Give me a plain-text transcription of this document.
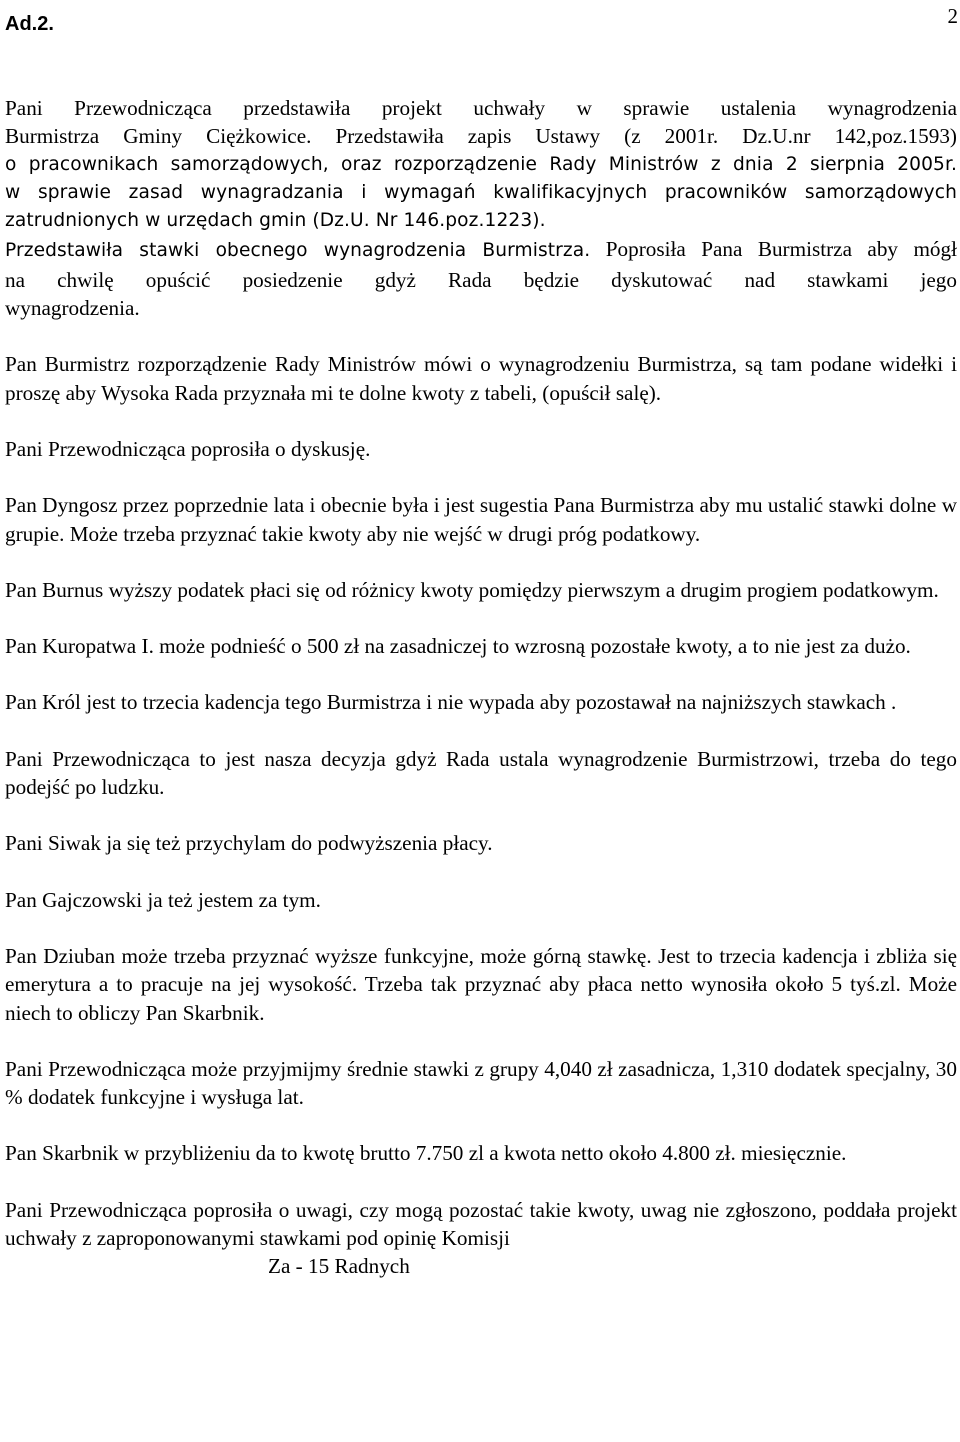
2
Ad.2.

Pani Przewodnicząca przedstawiła projekt uchwały w sprawie ustalenia wynagrodzenia
Burmistrza Gminy Ciężkowice. Przedstawiła zapis Ustawy (z 2001r. Dz.U.nr 142,poz.1593)
o pracownikach samorządowych, oraz rozporządzenie Rady Ministrów z dnia 2 sierpnia 2005r.
w sprawie zasad wynagradzania i wymagań kwalifikacyjnych pracowników samorządowych
zatrudnionych w urzędach gmin (Dz.U. Nr 146.poz.1223).
Przedstawiła stawki obecnego wynagrodzenia Burmistrza. Poprosiła Pana Burmistrza aby mógł
na chwilę opuścić posiedzenie gdyż Rada będzie dyskutować nad stawkami jego
wynagrodzenia.

Pan Burmistrz rozporządzenie Rady Ministrów mówi o wynagrodzeniu Burmistrza, są tam podane widełki i proszę aby Wysoka Rada przyznała mi te dolne kwoty z tabeli, (opuścił salę).

Pani Przewodnicząca poprosiła o dyskusję.

Pan Dyngosz przez poprzednie lata i obecnie była i jest sugestia Pana Burmistrza aby mu ustalić stawki dolne w grupie. Może trzeba przyznać takie kwoty aby nie wejść w drugi próg podatkowy.

Pan Burnus wyższy podatek płaci się od różnicy kwoty pomiędzy pierwszym a drugim progiem podatkowym.

Pan Kuropatwa I. może podnieść o 500 zł na zasadniczej to wzrosną pozostałe kwoty, a to nie jest za dużo.

Pan Król jest to trzecia kadencja tego Burmistrza i nie wypada aby pozostawał na najniższych stawkach .

Pani Przewodnicząca to jest nasza decyzja gdyż Rada ustala wynagrodzenie Burmistrzowi, trzeba do tego podejść po ludzku.

Pani Siwak ja się też przychylam do podwyższenia płacy.

Pan Gajczowski ja też jestem za tym.

Pan Dziuban może trzeba przyznać wyższe funkcyjne, może górną stawkę. Jest to trzecia kadencja i zbliża się emerytura a to pracuje na jej wysokość. Trzeba tak przyznać aby płaca netto wynosiła około 5 tyś.zl. Może niech to obliczy Pan Skarbnik.

Pani Przewodnicząca może przyjmijmy średnie stawki z grupy 4,040 zł zasadnicza, 1,310 dodatek specjalny, 30 % dodatek funkcyjne i wysługa lat.

Pan Skarbnik w przybliżeniu da to kwotę brutto 7.750 zl a kwota netto około 4.800 zł. miesięcznie.

Pani Przewodnicząca poprosiła o uwagi, czy mogą pozostać takie kwoty, uwag nie zgłoszono, poddała projekt uchwały z zaproponowanymi stawkami pod opinię Komisji

Za - 15 Radnych
